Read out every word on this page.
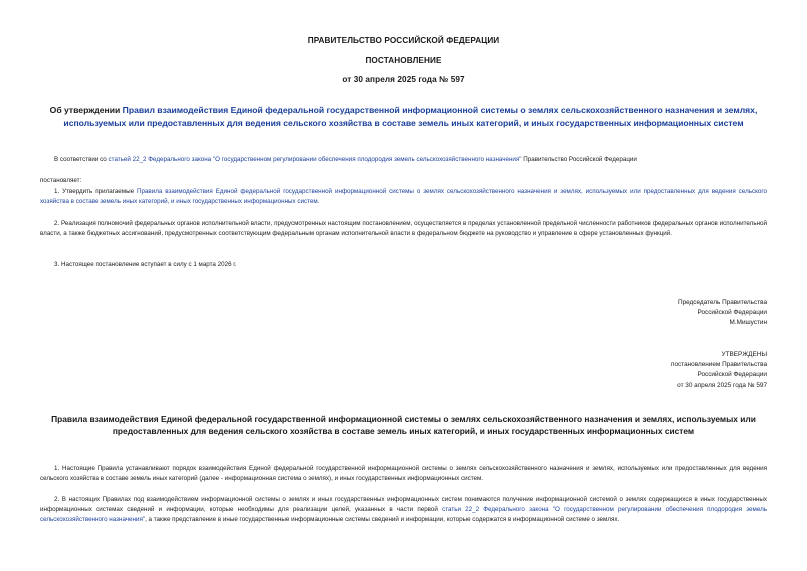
ПРАВИТЕЛЬСТВО РОССИЙСКОЙ ФЕДЕРАЦИИ
ПОСТАНОВЛЕНИЕ
от 30 апреля 2025 года № 597
Об утверждении Правил взаимодействия Единой федеральной государственной информационной системы о землях сельскохозяйственного назначения и землях, используемых или предоставленных для ведения сельского хозяйства в составе земель иных категорий, и иных государственных информационных систем
В соответствии со статьей 22_2 Федерального закона "О государственном регулировании обеспечения плодородия земель сельскохозяйственного назначения" Правительство Российской Федерации
постановляет:
1. Утвердить прилагаемые Правила взаимодействия Единой федеральной государственной информационной системы о землях сельскохозяйственного назначения и землях, используемых или предоставленных для ведения сельского хозяйства в составе земель иных категорий, и иных государственных информационных систем.
2. Реализация полномочий федеральных органов исполнительной власти, предусмотренных настоящим постановлением, осуществляется в пределах установленной предельной численности работников федеральных органов исполнительной власти, а также бюджетных ассигнований, предусмотренных соответствующим федеральным органам исполнительной власти в федеральном бюджете на руководство и управление в сфере установленных функций.
3. Настоящее постановление вступает в силу с 1 марта 2026 г.
Председатель Правительства
Российской Федерации
М.Мишустин
УТВЕРЖДЕНЫ
постановлением Правительства
Российской Федерации
от 30 апреля 2025 года № 597
Правила взаимодействия Единой федеральной государственной информационной системы о землях сельскохозяйственного назначения и землях, используемых или предоставленных для ведения сельского хозяйства в составе земель иных категорий, и иных государственных информационных систем
1. Настоящие Правила устанавливают порядок взаимодействия Единой федеральной государственной информационной системы о землях сельскохозяйственного назначения и землях, используемых или предоставленных для ведения сельского хозяйства в составе земель иных категорий (далее - информационная система о землях), и иных государственных информационных систем.
2. В настоящих Правилах под взаимодействием информационной системы о землях и иных государственных информационных систем понимаются получение информационной системой о землях содержащихся в иных государственных информационных системах сведений и информации, которые необходимы для реализации целей, указанных в части первой статьи 22_2 Федерального закона "О государственном регулировании обеспечения плодородия земель сельскохозяйственного назначения", а также представление в иные государственные информационные системы сведений и информации, которые содержатся в информационной системе о землях.
